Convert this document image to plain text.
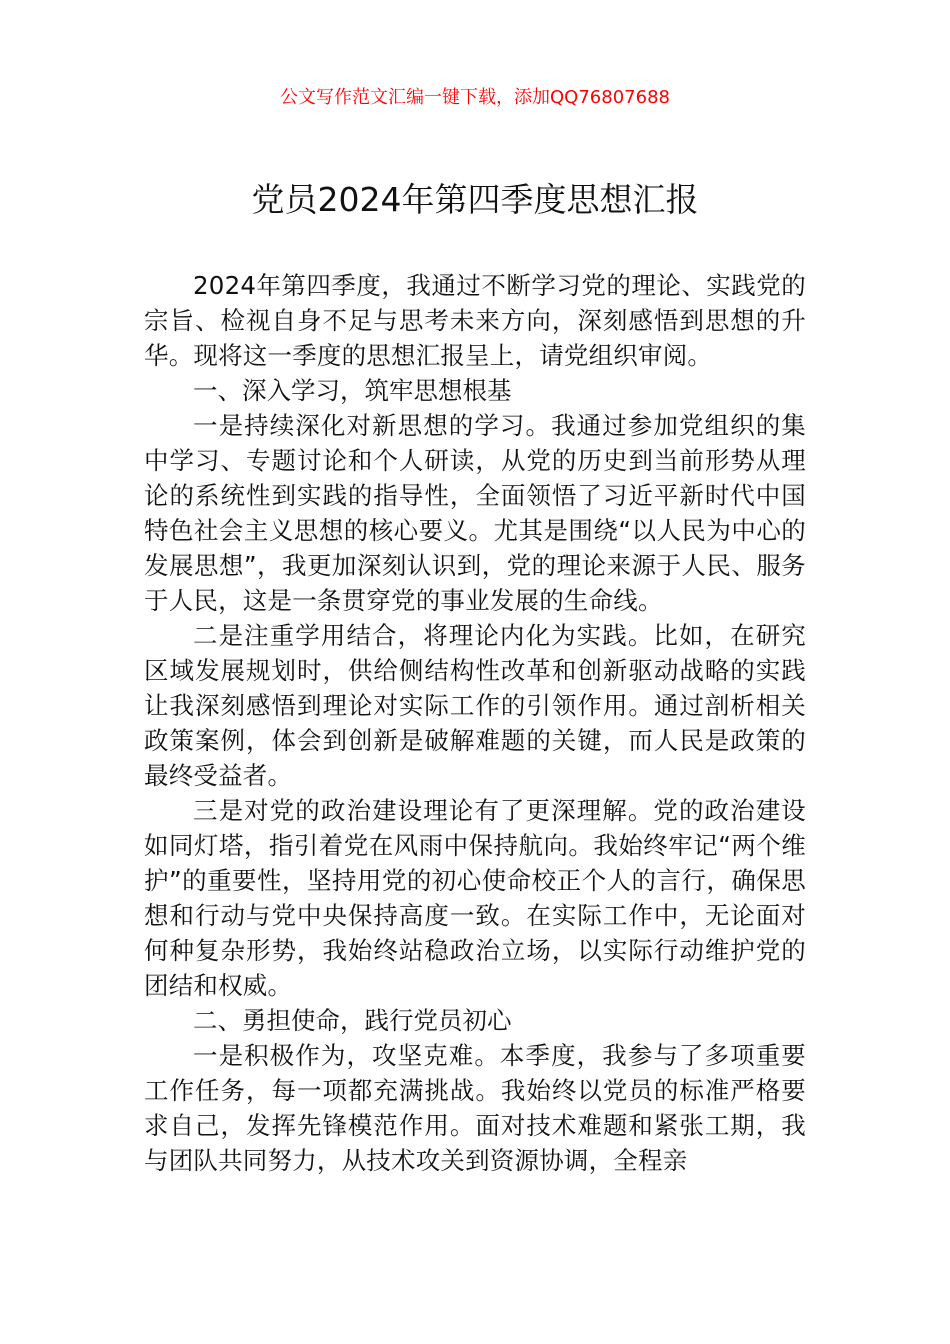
公文写作范文汇编一键下载，添加QQ76807688
党员2024年第四季度思想汇报

2024年第四季度，我通过不断学习党的理论、实践党的宗旨、检视自身不足与思考未来方向，深刻感悟到思想的升华。现将这一季度的思想汇报呈上，请党组织审阅。

一、深入学习，筑牢思想根基

一是持续深化对新思想的学习。我通过参加党组织的集中学习、专题讨论和个人研读，从党的历史到当前形势从理论的系统性到实践的指导性，全面领悟了习近平新时代中国特色社会主义思想的核心要义。尤其是围绕“以人民为中心的发展思想”，我更加深刻认识到，党的理论来源于人民、服务于人民，这是一条贯穿党的事业发展的生命线。

二是注重学用结合，将理论内化为实践。比如，在研究区域发展规划时，供给侧结构性改革和创新驱动战略的实践让我深刻感悟到理论对实际工作的引领作用。通过剖析相关政策案例，体会到创新是破解难题的关键，而人民是政策的最终受益者。

三是对党的政治建设理论有了更深理解。党的政治建设如同灯塔，指引着党在风雨中保持航向。我始终牢记“两个维护”的重要性，坚持用党的初心使命校正个人的言行，确保思想和行动与党中央保持高度一致。在实际工作中，无论面对何种复杂形势，我始终站稳政治立场，以实际行动维护党的团结和权威。

二、勇担使命，践行党员初心

一是积极作为，攻坚克难。本季度，我参与了多项重要工作任务，每一项都充满挑战。我始终以党员的标准严格要求自己，发挥先锋模范作用。面对技术难题和紧张工期，我与团队共同努力，从技术攻关到资源协调，全程亲
